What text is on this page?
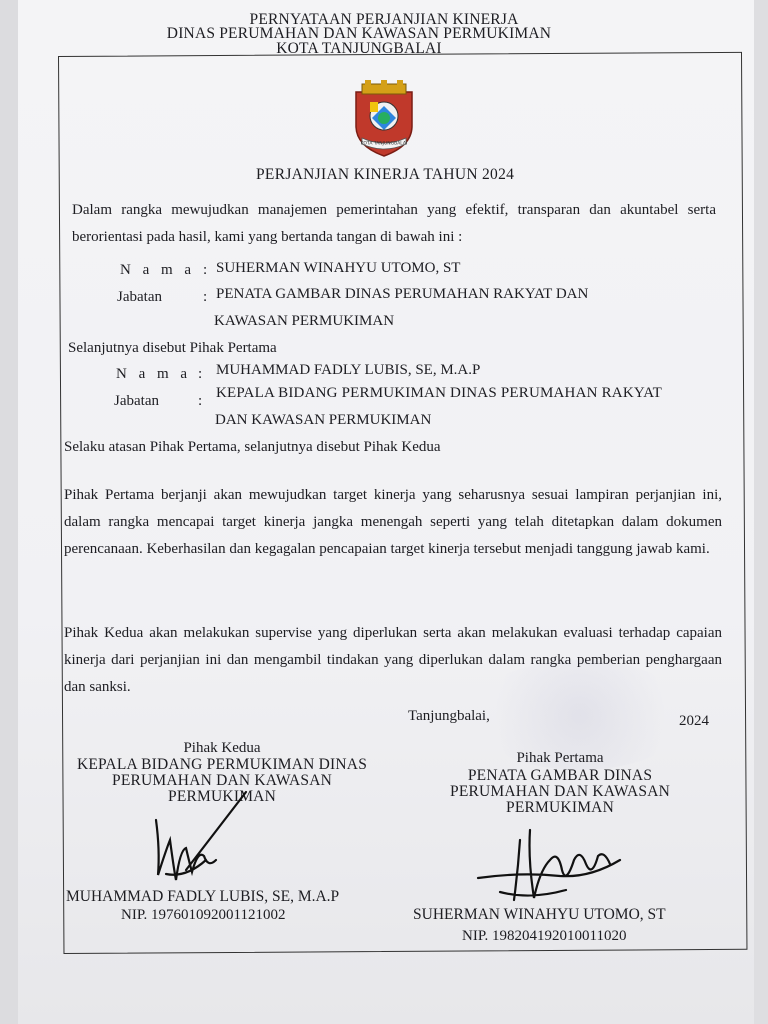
PERNYATAAN PERJANJIAN KINERJA
DINAS PERUMAHAN DAN KAWASAN PERMUKIMAN
KOTA TANJUNGBALAI
KOTA TANJUNGBALAI
PERJANJIAN KINERJA TAHUN 2024
Dalam rangka mewujudkan manajemen pemerintahan yang efektif, transparan dan akuntabel serta berorientasi pada hasil, kami yang bertanda tangan di bawah ini :
N a m a : SUHERMAN WINAHYU UTOMO, ST
Jabatan	: PENATA GAMBAR DINAS PERUMAHAN RAKYAT DAN
KAWASAN PERMUKIMAN
Selanjutnya disebut Pihak Pertama
N a m a : MUHAMMAD FADLY LUBIS, SE, M.A.P
Jabatan	: KEPALA BIDANG PERMUKIMAN DINAS PERUMAHAN RAKYAT
DAN KAWASAN PERMUKIMAN
Selaku atasan Pihak Pertama, selanjutnya disebut Pihak Kedua
Pihak Pertama berjanji akan mewujudkan target kinerja yang seharusnya sesuai lampiran perjanjian ini, dalam rangka mencapai target kinerja jangka menengah seperti yang telah ditetapkan dalam dokumen perencanaan. Keberhasilan dan kegagalan pencapaian target kinerja tersebut menjadi tanggung jawab kami.
Pihak Kedua akan melakukan supervise yang diperlukan serta akan melakukan evaluasi terhadap capaian kinerja dari perjanjian ini dan mengambil tindakan yang diperlukan dalam rangka pemberian penghargaan dan sanksi.
Tanjungbalai,	2024
Pihak Kedua
KEPALA BIDANG PERMUKIMAN DINAS
PERUMAHAN DAN KAWASAN
PERMUKIMAN
MUHAMMAD FADLY LUBIS, SE, M.A.P
NIP. 197601092001121002
Pihak Pertama
PENATA GAMBAR DINAS
PERUMAHAN DAN KAWASAN
PERMUKIMAN
SUHERMAN WINAHYU UTOMO, ST
NIP. 198204192010011020
